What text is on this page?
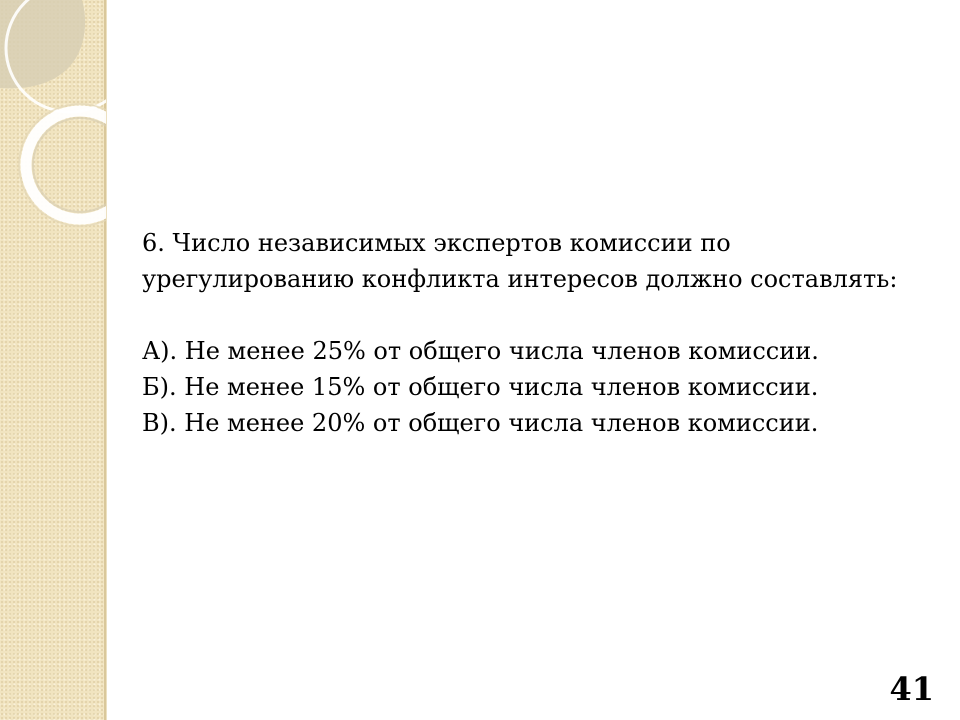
6. Число независимых экспертов комиссии по урегулированию конфликта интересов должно составлять:

А). Не менее 25% от общего числа членов комиссии.

Б). Не менее 15% от общего числа членов комиссии.

В). Не менее 20% от общего числа членов комиссии.

41
